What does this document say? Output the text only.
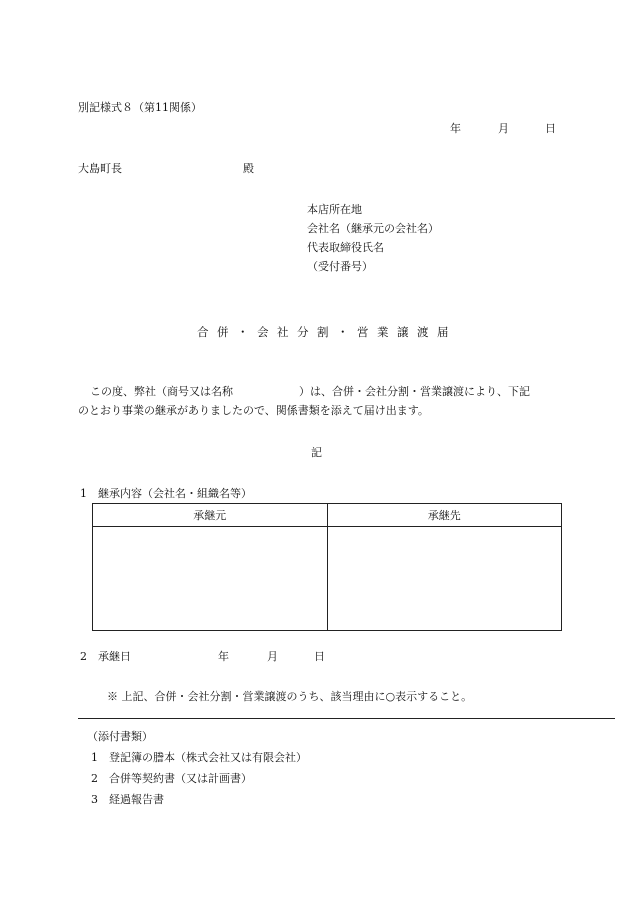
別記様式８（第11関係）
年	月	日
大島町長	殿
本店所在地
会社名（継承元の会社名）
代表取締役氏名
（受付番号）
合併・会社分割・営業譲渡届
この度、弊社（商号又は名称	）は、合併・会社分割・営業譲渡により、下記
のとおり事業の継承がありましたので、関係書類を添えて届け出ます。
記
1　継承内容（会社名・組織名等）
承継元	承継先

2　承継日	年	月	日
※ 上記、合併・会社分割・営業譲渡のうち、該当理由に○表示すること。
（添付書類）
1　登記簿の謄本（株式会社又は有限会社）
2　合併等契約書（又は計画書）
3　経過報告書
